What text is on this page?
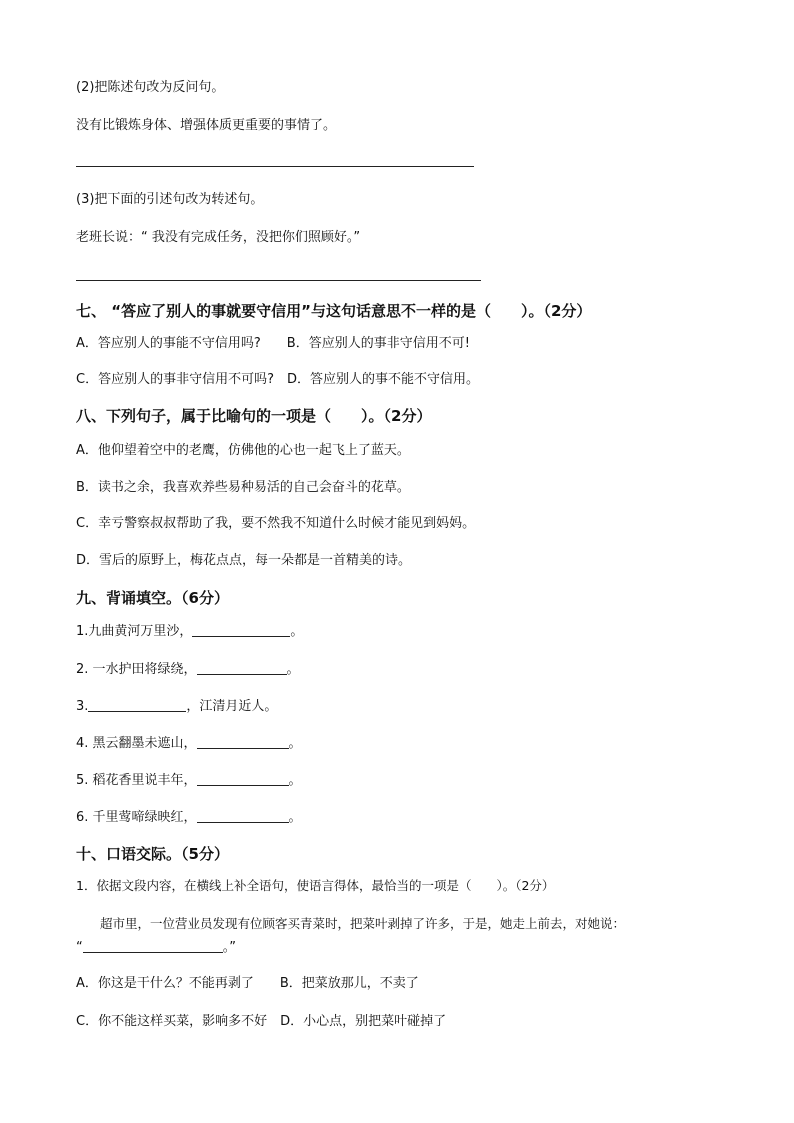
(2)把陈述句改为反问句。
没有比锻炼身体、增强体质更重要的事情了。
(3)把下面的引述句改为转述句。
老班长说：“ 我没有完成任务，没把你们照顾好。”
七、 “答应了别人的事就要守信用”与这句话意思不一样的是（　　）。（2分）
A．答应别人的事能不守信用吗?　　B．答应别人的事非守信用不可!
C．答应别人的事非守信用不可吗?　D．答应别人的事不能不守信用。
八、下列句子，属于比喻句的一项是（　　）。（2分）
A．他仰望着空中的老鹰，仿佛他的心也一起飞上了蓝天。
B．读书之余，我喜欢养些易种易活的自己会奋斗的花草。
C．幸亏警察叔叔帮助了我，要不然我不知道什么时候才能见到妈妈。
D．雪后的原野上，梅花点点，每一朵都是一首精美的诗。
九、背诵填空。（6分）
1.九曲黄河万里沙，	。
2. 一水护田将绿绕，	。
3.	，江清月近人。
4. 黑云翻墨未遮山，	。
5. 稻花香里说丰年，	。
6. 千里莺啼绿映红，	。
十、口语交际。（5分）
1．依据文段内容，在横线上补全语句，使语言得体，最恰当的一项是（　　）。（2分）
超市里，一位营业员发现有位顾客买青菜时，把菜叶剥掉了许多，于是，她走上前去，对她说：
“	。”
A．你这是干什么？不能再剥了　　B．把菜放那儿，不卖了
C．你不能这样买菜，影响多不好　D．小心点，别把菜叶碰掉了
